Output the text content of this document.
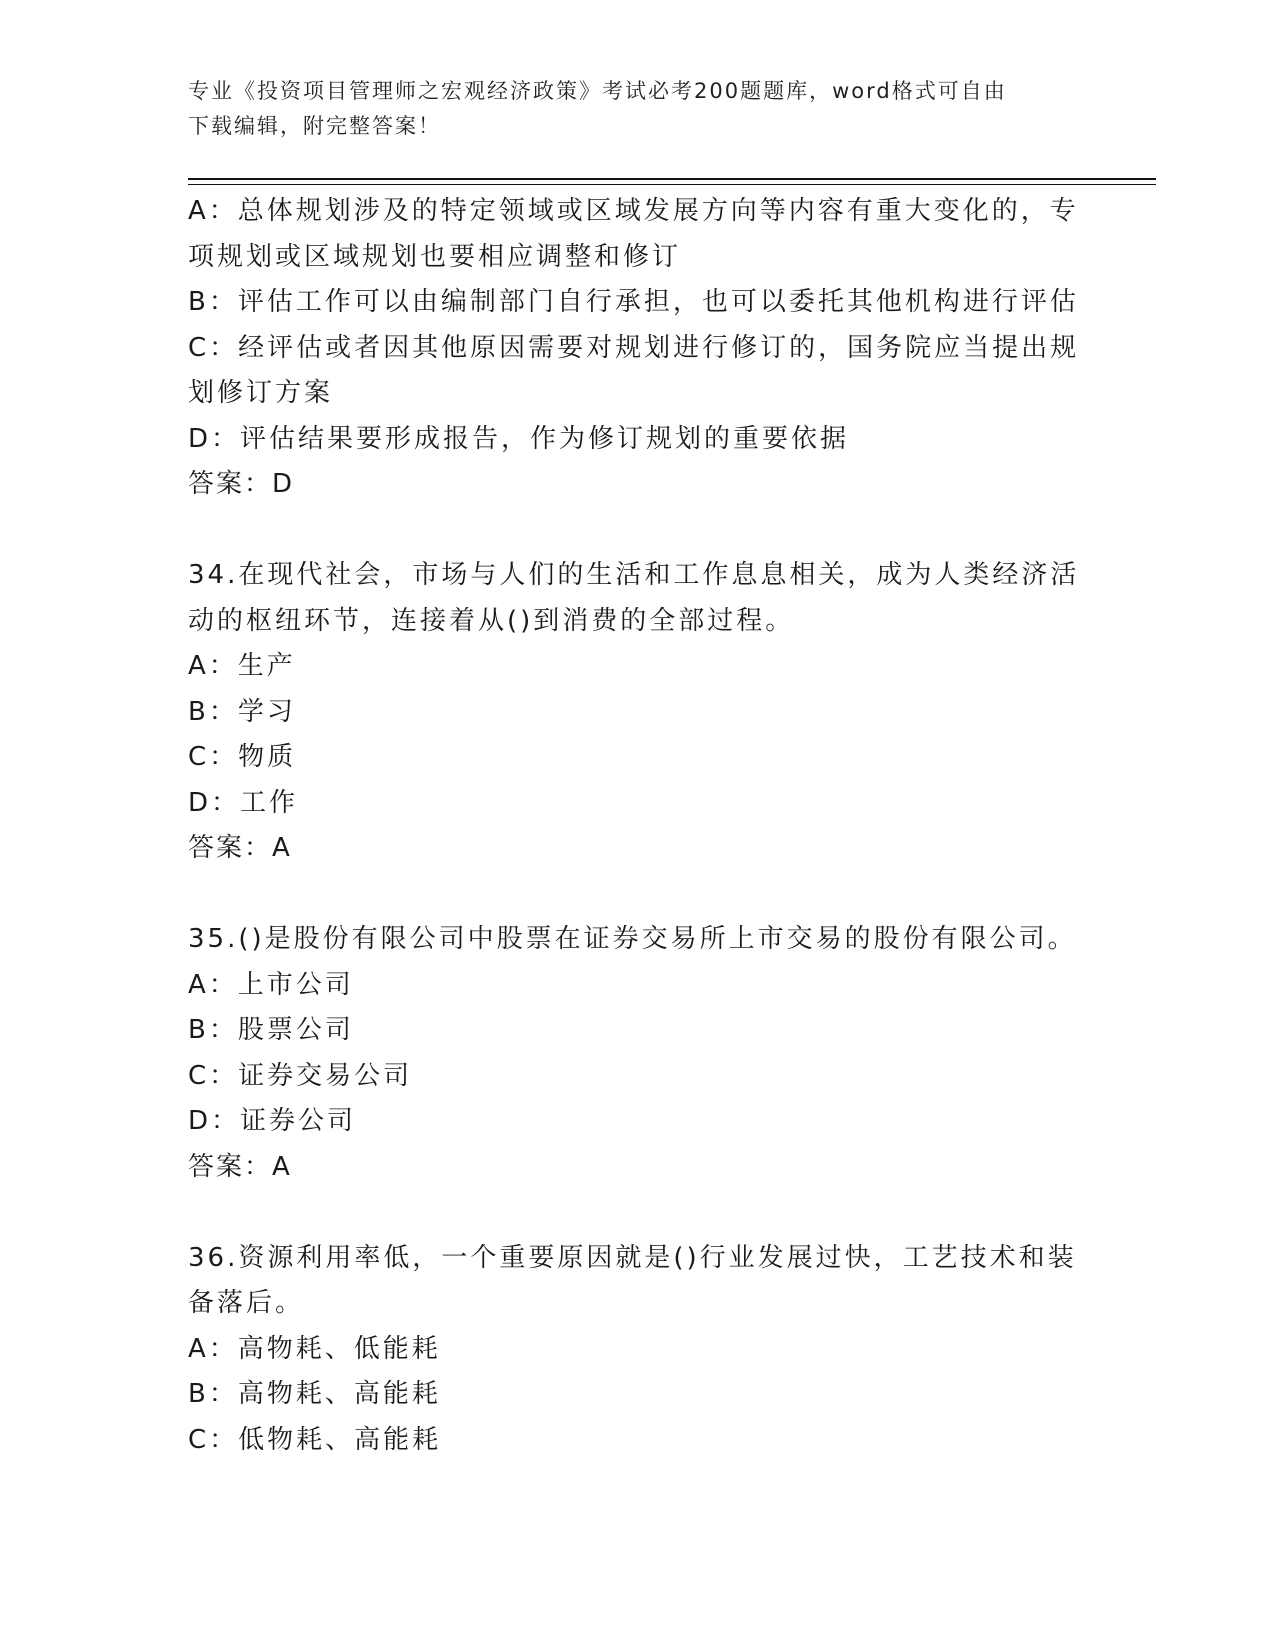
专业《投资项目管理师之宏观经济政策》考试必考200题题库，word格式可自由
下载编辑，附完整答案！

A：总体规划涉及的特定领域或区域发展方向等内容有重大变化的，专

项规划或区域规划也要相应调整和修订

B：评估工作可以由编制部门自行承担，也可以委托其他机构进行评估

C：经评估或者因其他原因需要对规划进行修订的，国务院应当提出规

划修订方案

D：评估结果要形成报告，作为修订规划的重要依据

答案：D

34.在现代社会，市场与人们的生活和工作息息相关，成为人类经济活

动的枢纽环节，连接着从()到消费的全部过程。

A：生产

B：学习

C：物质

D：工作

答案：A

35.()是股份有限公司中股票在证券交易所上市交易的股份有限公司。

A：上市公司

B：股票公司

C：证券交易公司

D：证券公司

答案：A

36.资源利用率低，一个重要原因就是()行业发展过快，工艺技术和装

备落后。

A：高物耗、低能耗

B：高物耗、高能耗

C：低物耗、高能耗
